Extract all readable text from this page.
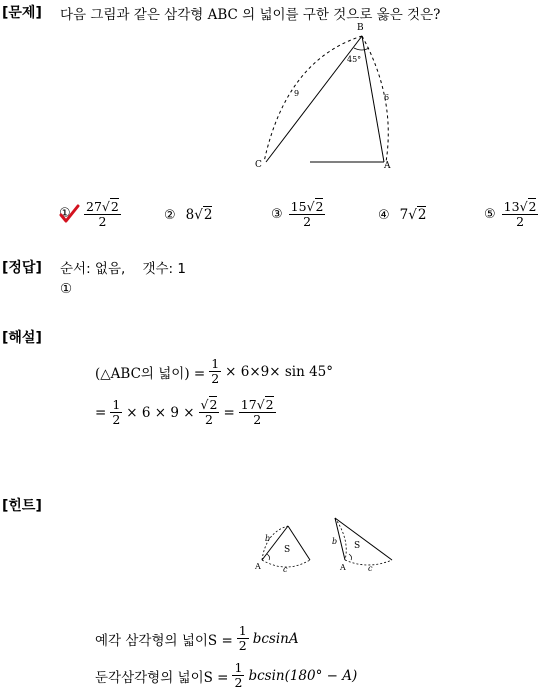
[문제] 다음 그림과 같은 삼각형 ABC 의 넓이를 구한 것으로 옳은 것은?
B
C	A
45°
9	6
① $\frac{27√2}{2}$	② 8√2	③ $\frac{15√2}{2}$	④ 7√2	⑤ $\frac{13√2}{2}$
[정답] 순서: 없음,    갯수: 1
①
[해설]
(△ABC의 넓이) = $\frac{1}{2} \times 6\times 9\times \sin 45^\circ$
= $\frac{1}{2} \times 6 \times 9 \times \frac{√2}{2} = \frac{17√2}{2}$
[힌트]
b
S
A	c
b S
A	c
예각 삼각형의 넓이$S = \frac{1}{2}$ bcsinA
둔각삼각형의 넓이$S = \frac{1}{2} bcsin(180^\circ - A)$
